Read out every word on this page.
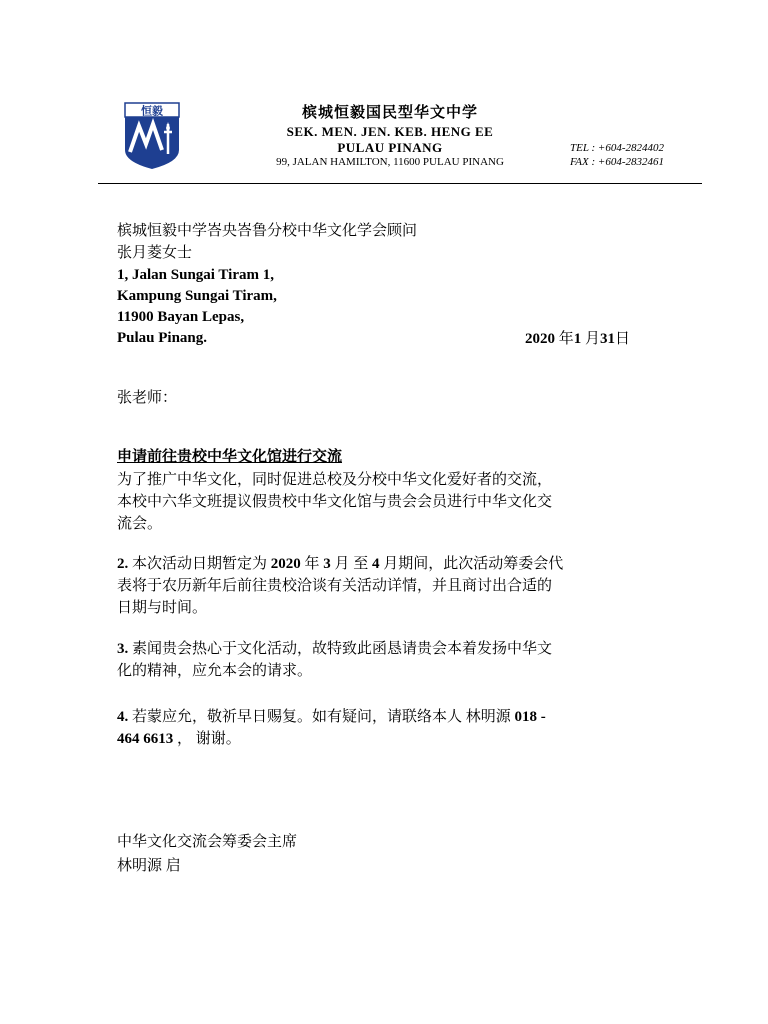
恒毅	槟城恒毅国民型华文中学
SEK. MEN. JEN. KEB. HENG EE
PULAU PINANG
99, JALAN HAMILTON, 11600 PULAU PINANG
TEL : +604-2824402
FAX : +604-2832461
槟城恒毅中学峇央峇鲁分校中华文化学会顾问
张月菱女士
1, Jalan Sungai Tiram 1,
Kampung Sungai Tiram,
11900 Bayan Lepas,
Pulau Pinang.	2020 年1 月31日
张老师：
申请前往贵校中华文化馆进行交流
为了推广中华文化，同时促进总校及分校中华文化爱好者的交流，
本校中六华文班提议假贵校中华文化馆与贵会会员进行中华文化交
流会。
2. 本次活动日期暂定为 2020 年 3 月 至 4 月期间，此次活动筹委会代
表将于农历新年后前往贵校洽谈有关活动详情，并且商讨出合适的
日期与时间。
3. 素闻贵会热心于文化活动，故特致此函恳请贵会本着发扬中华文
化的精神，应允本会的请求。
4. 若蒙应允，敬祈早日赐复。如有疑问，请联络本人 林明源 018 -
464 6613 ， 谢谢。
中华文化交流会筹委会主席
林明源 启
